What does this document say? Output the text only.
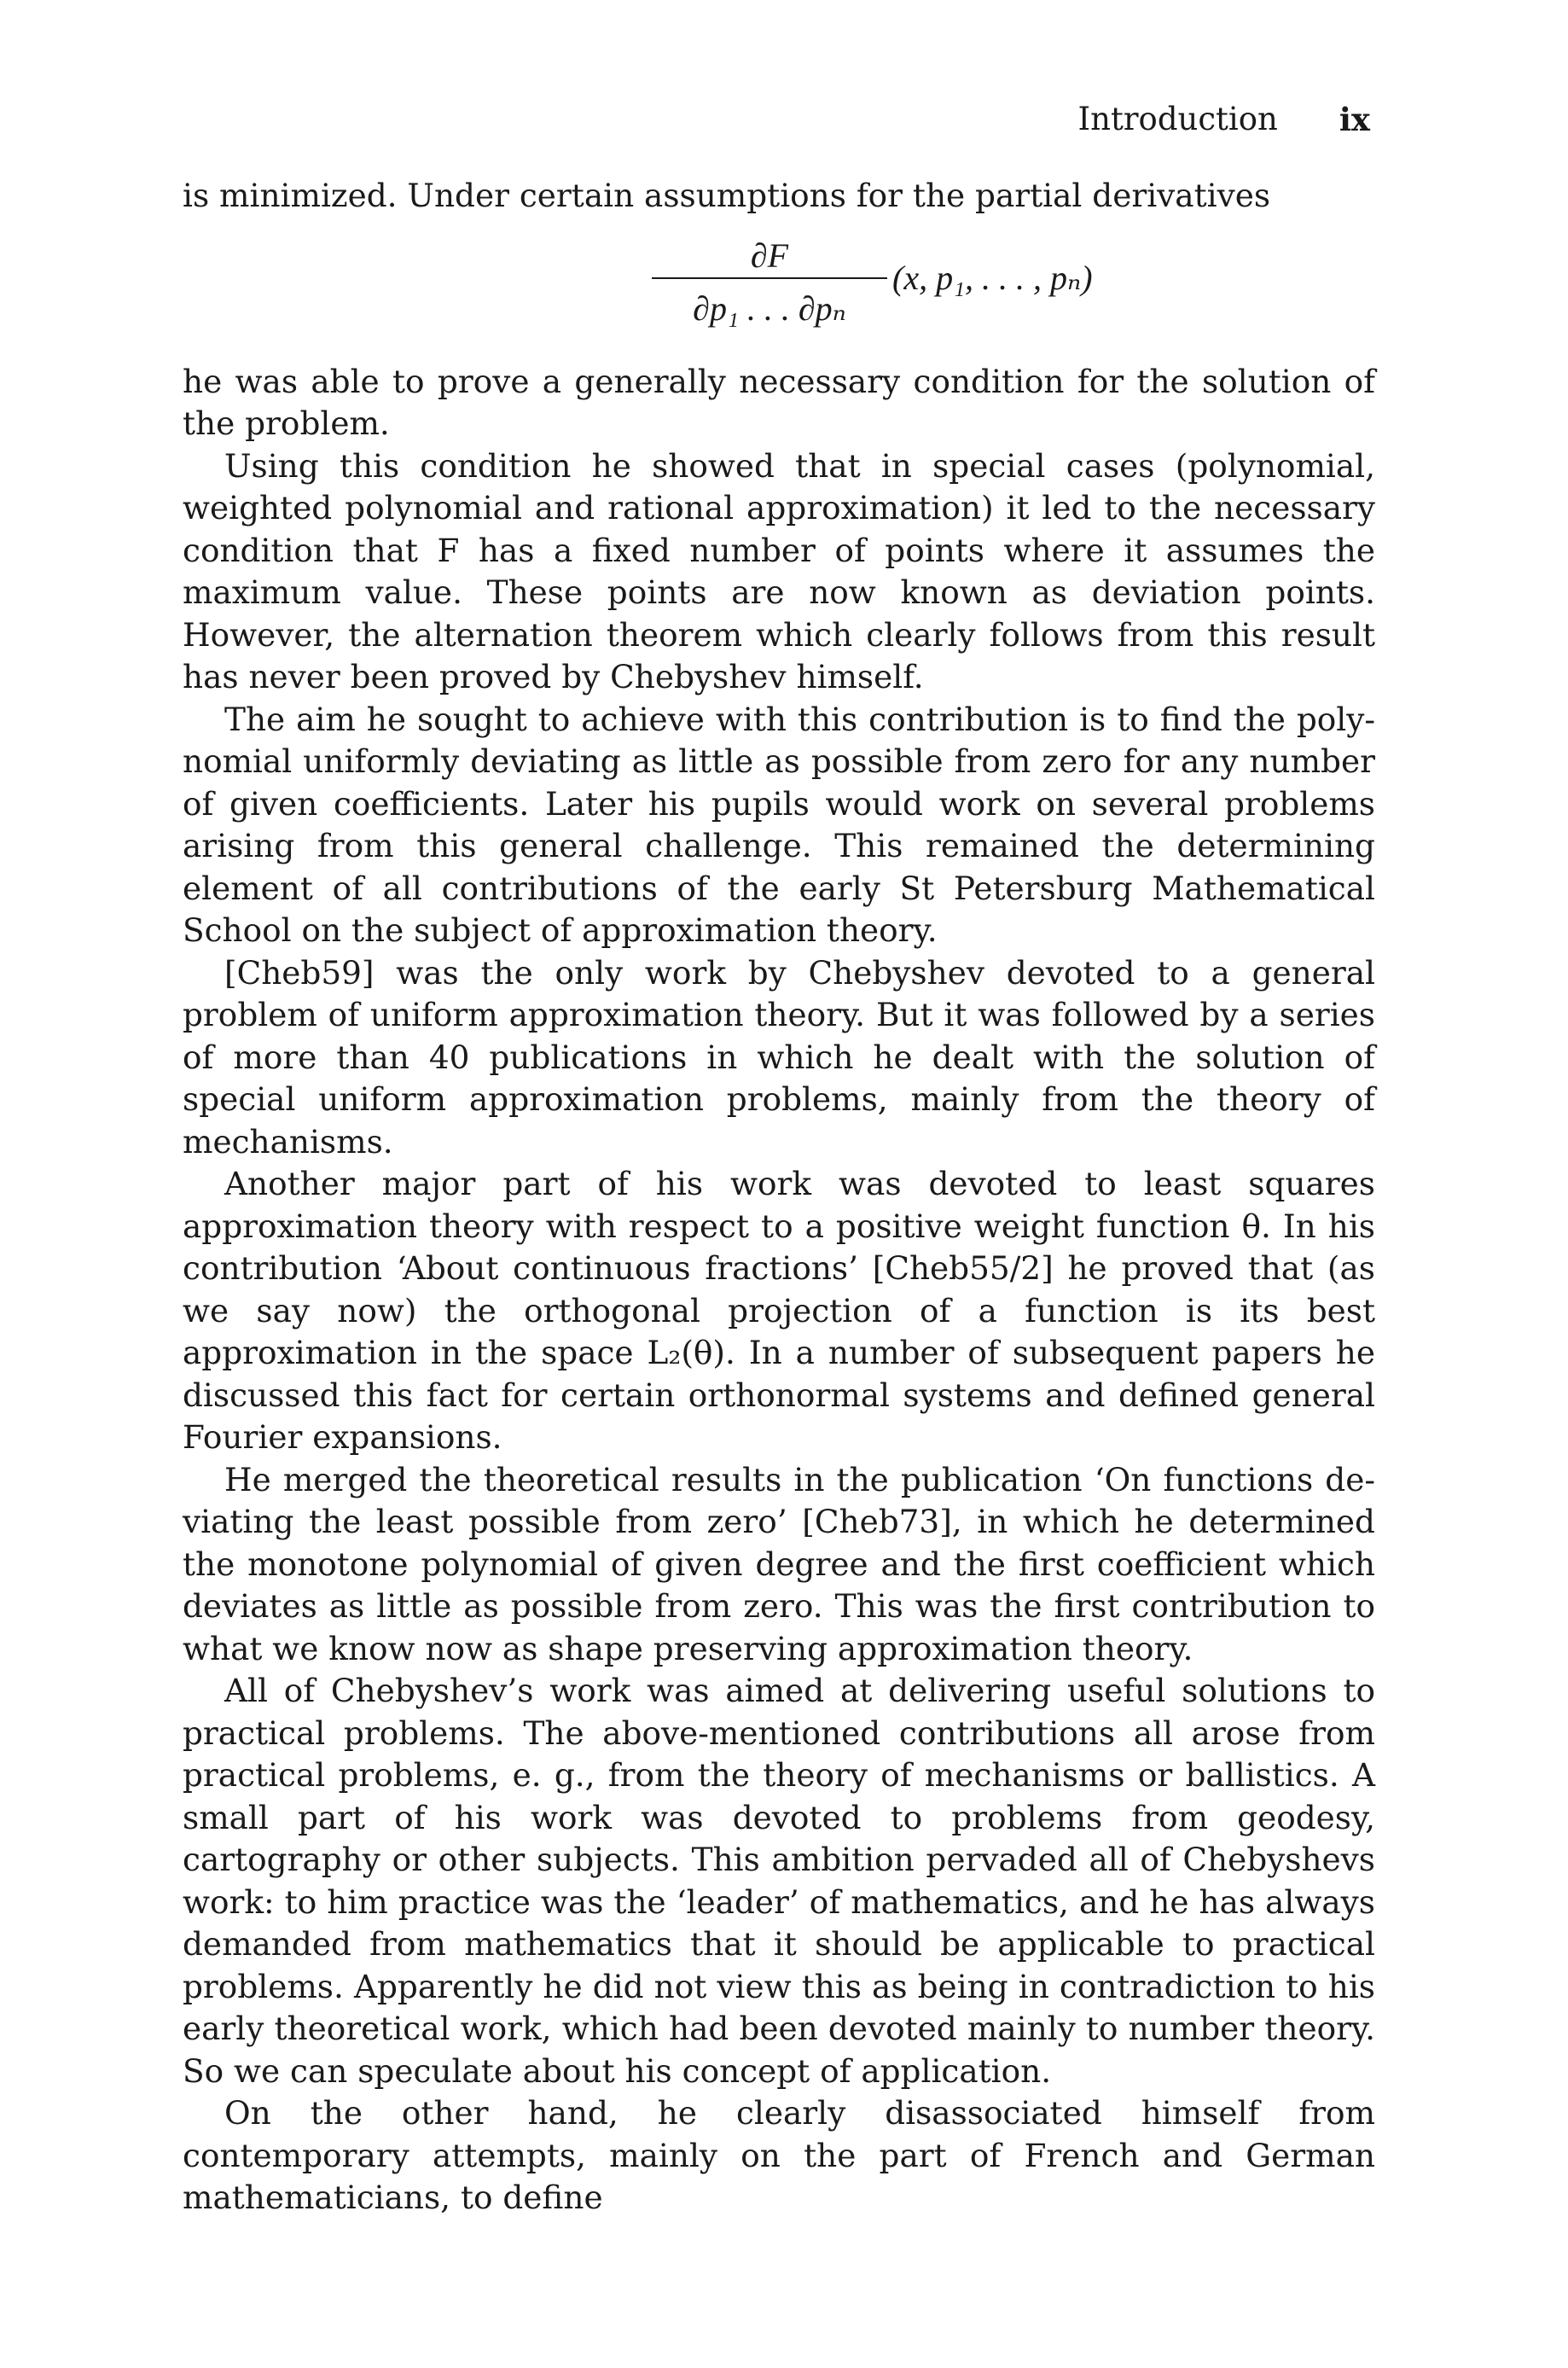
Introduction ix

is minimized. Under certain assumptions for the partial derivatives

∂F
∂p₁ . . . ∂pₙ
(x, p₁, . . . , pₙ)

he was able to prove a generally necessary condition for the solution of the problem.

Using this condition he showed that in special cases (polynomial, weighted polynomial and rational approximation) it led to the necessary condition that F has a fixed number of points where it assumes the maximum value. These points are now known as deviation points. However, the alternation theorem which clearly follows from this result has never been proved by Chebyshev himself.

The aim he sought to achieve with this contribution is to find the polynomial uniformly deviating as little as possible from zero for any number of given coefficients. Later his pupils would work on several problems arising from this general challenge. This remained the determining element of all contributions of the early St Petersburg Mathematical School on the subject of approximation theory.

[Cheb59] was the only work by Chebyshev devoted to a general problem of uniform approximation theory. But it was followed by a series of more than 40 publications in which he dealt with the solution of special uniform approximation problems, mainly from the theory of mechanisms.

Another major part of his work was devoted to least squares approximation theory with respect to a positive weight function θ. In his contribution ‘About continuous fractions’ [Cheb55/2] he proved that (as we say now) the orthogonal projection of a function is its best approximation in the space L₂(θ). In a number of subsequent papers he discussed this fact for certain orthonormal systems and defined general Fourier expansions.

He merged the theoretical results in the publication ‘On functions deviating the least possible from zero’ [Cheb73], in which he determined the monotone polynomial of given degree and the first coefficient which deviates as little as possible from zero. This was the first contribution to what we know now as shape preserving approximation theory.

All of Chebyshev’s work was aimed at delivering useful solutions to practical problems. The above-mentioned contributions all arose from practical problems, e. g., from the theory of mechanisms or ballistics. A small part of his work was devoted to problems from geodesy, cartography or other subjects. This ambition pervaded all of Chebyshevs work: to him practice was the ‘leader’ of mathematics, and he has always demanded from mathematics that it should be applicable to practical problems. Apparently he did not view this as being in contradiction to his early theoretical work, which had been devoted mainly to number theory. So we can speculate about his concept of application.

On the other hand, he clearly disassociated himself from contemporary attempts, mainly on the part of French and German mathematicians, to define
